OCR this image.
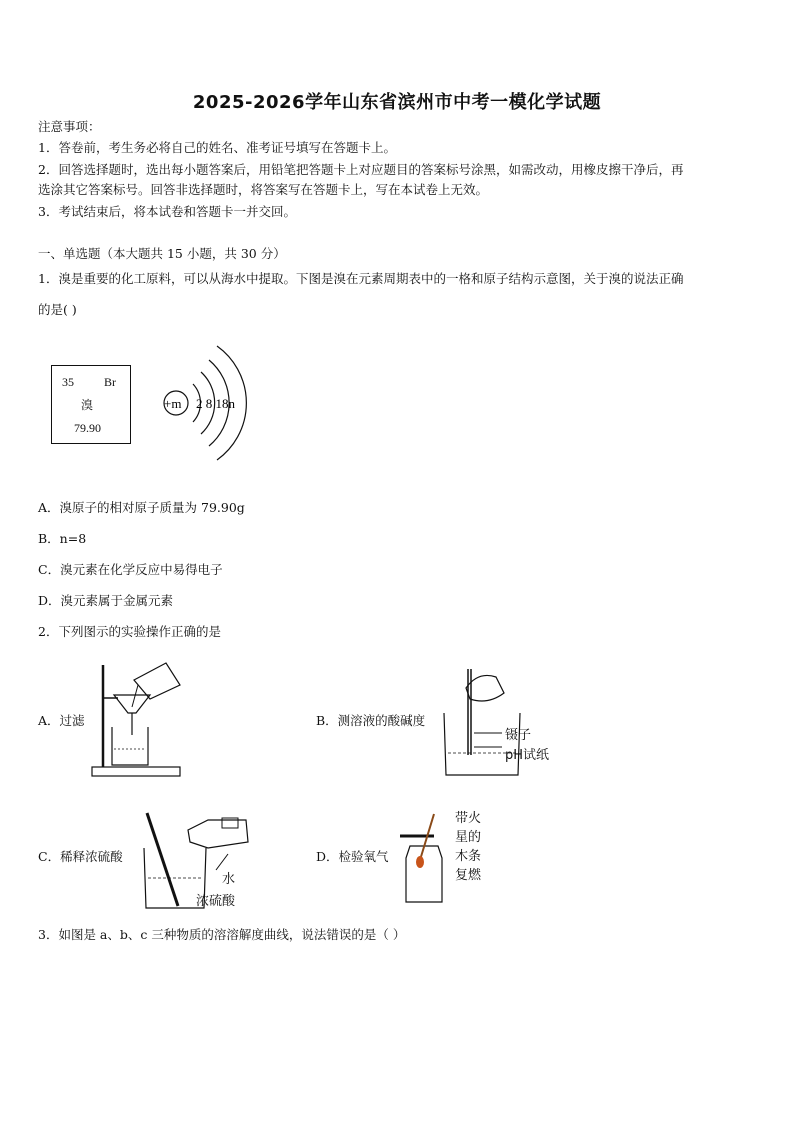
2025-2026学年山东省滨州市中考一模化学试题
注意事项：
1．答卷前，考生务必将自己的姓名、准考证号填写在答题卡上。
2．回答选择题时，选出每小题答案后，用铅笔把答题卡上对应题目的答案标号涂黑，如需改动，用橡皮擦干净后，再
选涂其它答案标号。回答非选择题时，将答案写在答题卡上，写在本试卷上无效。
3．考试结束后，将本试卷和答题卡一并交回。
一、单选题（本大题共 15 小题，共 30 分）
1．溴是重要的化工原料，可以从海水中提取。下图是溴在元素周期表中的一格和原子结构示意图，关于溴的说法正确
的是( )
35	Br
溴
79.90
+m 2 8 18n
A．溴原子的相对原子质量为 79.90g
B．n=8
C．溴元素在化学反应中易得电子
D．溴元素属于金属元素
2．下列图示的实验操作正确的是
A．过滤	B．测溶液的酸碱度
镊子
pH试纸
C．稀释浓硫酸
水
浓硫酸
D．检验氧气
带火
星的
木条
复燃
3．如图是 a、b、c 三种物质的溶溶解度曲线，说法错误的是（ ）
